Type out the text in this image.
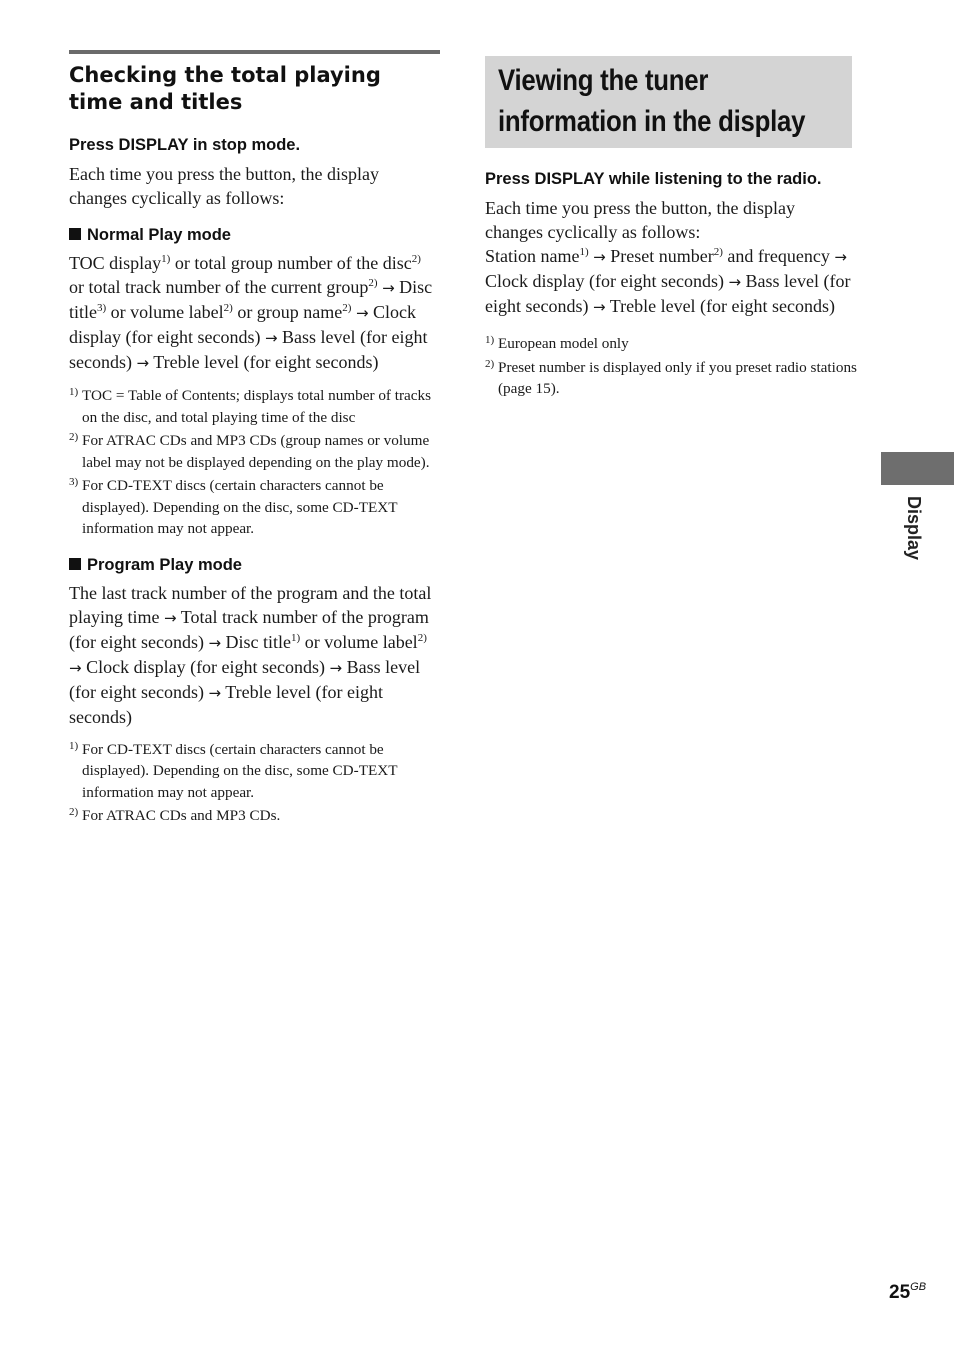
Checking the total playing
time and titles

Press DISPLAY in stop mode.

Each time you press the button, the display changes cyclically as follows:

Normal Play mode

TOC display$^{1)}$ or total group number of the disc$^{2)}$ or total track number of the current group$^{2)}$ → Disc title$^{3)}$ or volume label$^{2)}$ or group name$^{2)}$ → Clock display (for eight seconds) → Bass level (for eight seconds) → Treble level (for eight seconds)

1) TOC = Table of Contents; displays total number of tracks on the disc, and total playing time of the disc

2) For ATRAC CDs and MP3 CDs (group names or volume label may not be displayed depending on the play mode).

3) For CD-TEXT discs (certain characters cannot be displayed). Depending on the disc, some CD-TEXT information may not appear.

Program Play mode

The last track number of the program and the total playing time → Total track number of the program (for eight seconds) → Disc title$^{1)}$ or volume label$^{2)}$ → Clock display (for eight seconds) → Bass level (for eight seconds) → Treble level (for eight seconds)

1) For CD-TEXT discs (certain characters cannot be displayed). Depending on the disc, some CD-TEXT information may not appear.

2) For ATRAC CDs and MP3 CDs.

Viewing the tuner
information in the display

Press DISPLAY while listening to the radio.

Each time you press the button, the display changes cyclically as follows:
Station name$^{1)}$ → Preset number$^{2)}$ and frequency → Clock display (for eight seconds) → Bass level (for eight seconds) → Treble level (for eight seconds)

1) European model only

2) Preset number is displayed only if you preset radio stations (page 15).

Display
$25^{GB}$
